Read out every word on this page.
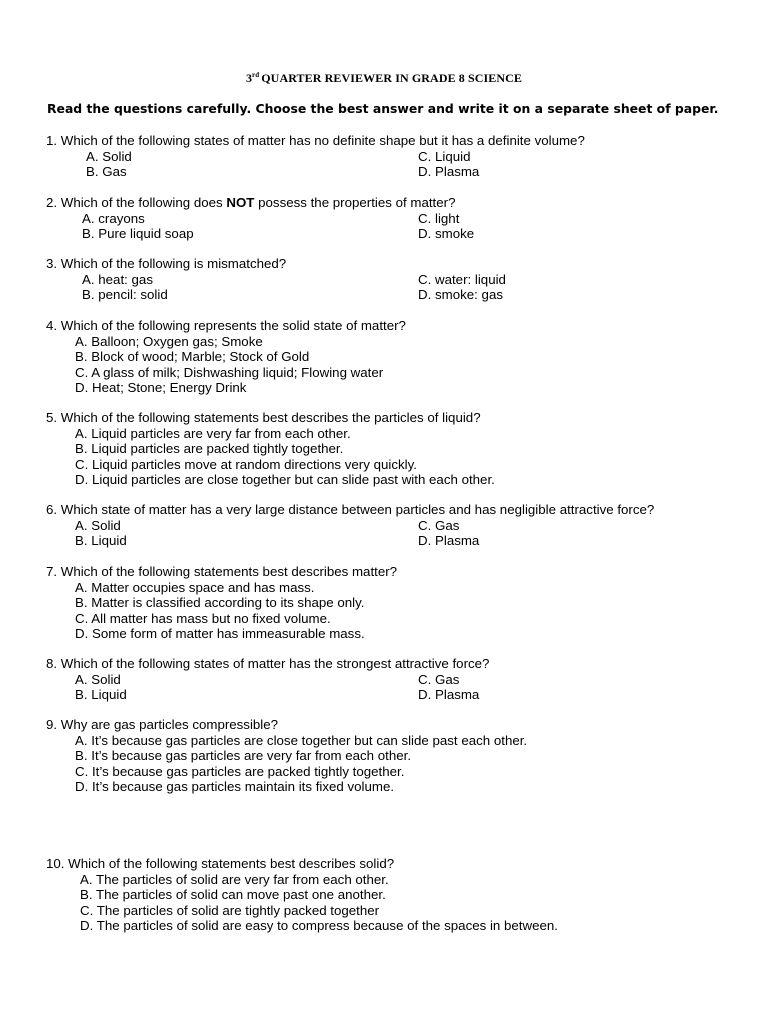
3rd QUARTER REVIEWER IN GRADE 8 SCIENCE
Read the questions carefully. Choose the best answer and write it on a separate sheet of paper.
1. Which of the following states of matter has no definite shape but it has a definite volume?
A. Solid	C. Liquid
B. Gas	D. Plasma
2. Which of the following does NOT possess the properties of matter?
A. crayons	C. light
B. Pure liquid soap	D. smoke
3. Which of the following is mismatched?
A. heat: gas	C. water: liquid
B. pencil: solid	D. smoke: gas
4. Which of the following represents the solid state of matter?
A. Balloon; Oxygen gas; Smoke
B. Block of wood; Marble; Stock of Gold
C. A glass of milk; Dishwashing liquid; Flowing water
D. Heat; Stone; Energy Drink
5. Which of the following statements best describes the particles of liquid?
A. Liquid particles are very far from each other.
B. Liquid particles are packed tightly together.
C. Liquid particles move at random directions very quickly.
D. Liquid particles are close together but can slide past with each other.
6. Which state of matter has a very large distance between particles and has negligible attractive force?
A. Solid	C. Gas
B. Liquid	D. Plasma
7. Which of the following statements best describes matter?
A. Matter occupies space and has mass.
B. Matter is classified according to its shape only.
C. All matter has mass but no fixed volume.
D. Some form of matter has immeasurable mass.
8. Which of the following states of matter has the strongest attractive force?
A. Solid	C. Gas
B. Liquid	D. Plasma
9. Why are gas particles compressible?
A. It’s because gas particles are close together but can slide past each other.
B. It’s because gas particles are very far from each other.
C. It’s because gas particles are packed tightly together.
D. It’s because gas particles maintain its fixed volume.
10. Which of the following statements best describes solid?
A. The particles of solid are very far from each other.
B. The particles of solid can move past one another.
C. The particles of solid are tightly packed together
D. The particles of solid are easy to compress because of the spaces in between.
